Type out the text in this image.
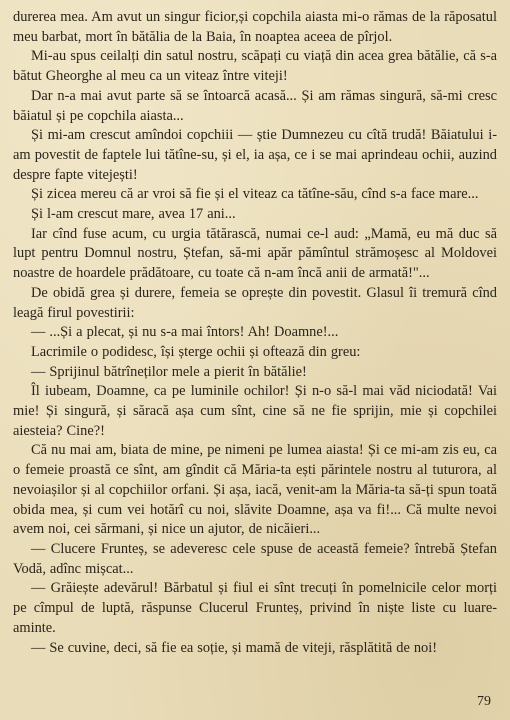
durerea mea. Am avut un singur ficior,și copchila aiasta mi-o rămas de la răposatul meu barbat, mort în bătălia de la Baia, în noaptea aceea de pîrjol.

Mi-au spus ceilalți din satul nostru, scăpați cu viață din acea grea bătălie, că s-a bătut Gheorghe al meu ca un viteaz între viteji!

Dar n-a mai avut parte să se întoarcă acasă... Și am rămas singură, să-mi cresc băiatul și pe copchila aiasta...

Și mi-am crescut amîndoi copchiii — știe Dumnezeu cu cîtă trudă! Băiatului i-am povestit de faptele lui tătîne-su, și el, ia așa, ce i se mai aprindeau ochii, auzind despre fapte vitejești!

Și zicea mereu că ar vroi să fie și el viteaz ca tătîne-său, cînd s-a face mare...

Și l-am crescut mare, avea 17 ani...

Iar cînd fuse acum, cu urgia tătărască, numai ce-l aud: „Mamă, eu mă duc să lupt pentru Domnul nostru, Ștefan, să-mi apăr pămîntul strămoșesc al Moldovei noastre de hoardele prădătoare, cu toate că n-am încă anii de armată!"...

De obidă grea și durere, femeia se oprește din povestit. Glasul îi tremură cînd leagă firul povestirii:

— ...Și a plecat, și nu s-a mai întors! Ah! Doamne!...

Lacrimile o podidesc, își șterge ochii și oftează din greu:

— Sprijinul bătrîneților mele a pierit în bătălie!

Îl iubeam, Doamne, ca pe luminile ochilor! Și n-o să-l mai văd niciodată! Vai mie! Și singură, și săracă așa cum sînt, cine să ne fie sprijin, mie și copchilei aiesteia? Cine?!

Că nu mai am, biata de mine, pe nimeni pe lumea aiasta! Și ce mi-am zis eu, ca o femeie proastă ce sînt, am gîndit că Măria-ta ești părintele nostru al tuturora, al nevoiașilor și al copchiilor orfani. Și așa, iacă, venit-am la Măria-ta să-ți spun toată obida mea, și cum vei hotărî cu noi, slăvite Doamne, așa va fi!... Că multe nevoi avem noi, cei sărmani, și nice un ajutor, de nicăieri...

— Clucere Frunteș, se adeveresc cele spuse de această femeie? întrebă Ștefan Vodă, adînc mișcat...

— Grăiește adevărul! Bărbatul și fiul ei sînt trecuți în pomelnicile celor morți pe cîmpul de luptă, răspunse Clucerul Frunteș, privind în niște liste cu luare-aminte.

— Se cuvine, deci, să fie ea soție, și mamă de viteji, răsplătită de noi!

79
